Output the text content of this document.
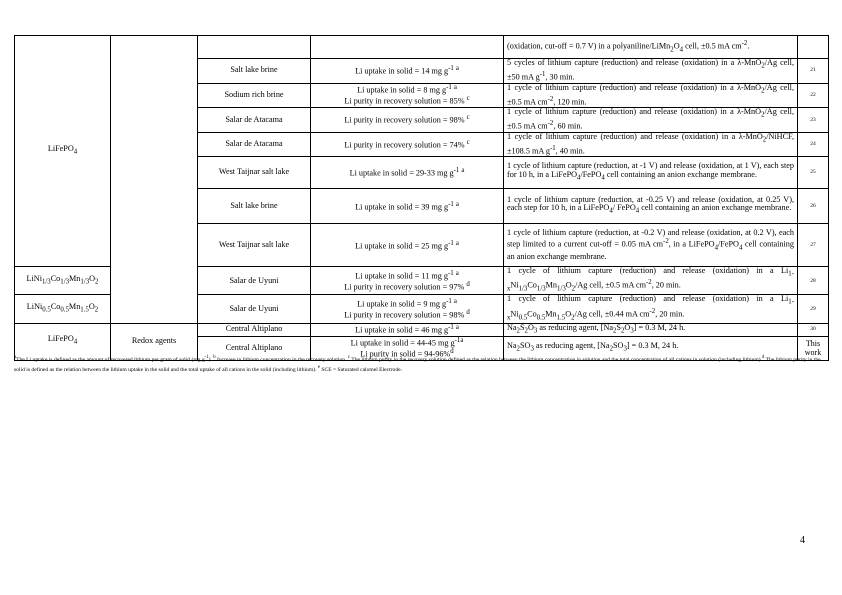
LiFePO$_4$				(oxidation, cut-off = 0.7 V) in a polyaniline/$LiMn_2O_4$ cell, ±0.5 mA $cm^{-2}$.	
		Salt lake brine	Li uptake in solid = 14 mg $g^{-1}$ $^a$	5 cycles of lithium capture (reduction) and release (oxidation) in a λ-MnO$_2$/Ag cell, ±50 mA $g^{-1}$, 30 min.	21
		Sodium rich brine	Li uptake in solid = 8 mg $g^{-1}$ $^a$
Li purity in recovery solution = 85% $^c$	1 cycle of lithium capture (reduction) and release (oxidation) in a λ-MnO$_2$/Ag cell, ±0.5 mA $cm^{-2}$, 120 min.	22
		Salar de Atacama	Li purity in recovery solution = 98% $^c$	1 cycle of lithium capture (reduction) and release (oxidation) in a λ-MnO$_2$/Ag cell, ±0.5 mA $cm^{-2}$, 60 min.	23
		Salar de Atacama	Li purity in recovery solution = 74% $^c$	1 cycle of lithium capture (reduction) and release (oxidation) in a λ-MnO$_2$/NiHCF, ±108.5 mA $g^{-1}$, 40 min.	24
		West Taijnar salt lake	Li uptake in solid = 29-33 mg $g^{-1}$ $^a$	1 cycle of lithium capture (reduction, at -1 V) and release (oxidation, at 1 V), each step for 10 h, in a LiFePO$_4$/FePO$_4$ cell containing an anion exchange membrane.	25
		Salt lake brine	Li uptake in solid = 39 mg $g^{-1}$ $^a$	1 cycle of lithium capture (reduction, at -0.25 V) and release (oxidation, at 0.25 V), each step for 10 h, in a LiFePO$_4$/ FePO$_4$ cell containing an anion exchange membrane.	26
		West Taijnar salt lake	Li uptake in solid = 25 mg $g^{-1}$ $^a$	1 cycle of lithium capture (reduction, at -0.2 V) and release (oxidation, at 0.2 V), each step limited to a current cut-off = 0.05 mA $cm^{-2}$, in a LiFePO$_4$/FePO$_4$ cell containing an anion exchange membrane.	27
$LiNi_{1/3}Co_{1/3}Mn_{1/3}O_2$		Salar de Uyuni	Li uptake in solid = 11 mg $g^{-1}$ $^a$
Li purity in recovery solution = 97% $^d$	1 cycle of lithium capture (reduction) and release (oxidation) in a $Li_{1-x}Ni_{1/3}Co_{1/3}Mn_{1/3}O_2/Ag$ cell, ±0.5 mA $cm^{-2}$, 20 min.	28
$LiNi_{0.5}Co_{0.5}Mn_{1.5}O_2$		Salar de Uyuni	Li uptake in solid = 9 mg $g^{-1}$ $^a$
Li purity in recovery solution = 98% $^d$	1 cycle of lithium capture (reduction) and release (oxidation) in a $Li_{1-x}Ni_{0.5}Co_{0.5}Mn_{1.5}O_2/Ag$ cell, ±0.44 mA $cm^{-2}$, 20 min.	29
LiFePO$_4$	Redox agents	Central Altiplano	Li uptake in solid = 46 mg $g^{-1}$ $^a$	$Na_2S_2O_3$ as reducing agent, $[Na_2S_2O_3] = 0.3$ M, 24 h.	30
		Central Altiplano	Li uptake in solid = 44-45 mg $g^{-1a}$
Li purity in solid = 94-96%$^d$	$Na_2SO_3$ as reducing agent, $[Na_2SO_3] = 0.3$ M, 24 h.	This work
$^a$The Li uptake is defined as the amount of recovered lithium per gram of solid (mg $g^{-1}$). $^b$ Increase in lithium concentration in the recovery solution. $^c$ The lithium purity in the recovery solution defined as the relation between the lithium concentration in solution and the total concentration of all cations in solution (including lithium).$^d$ The lithium purity in the solid is defined as the relation between the lithium uptake in the solid and the total uptake of all cations in the solid (including lithium). $^e$ SCE = Saturated calomel Electrode.
4
